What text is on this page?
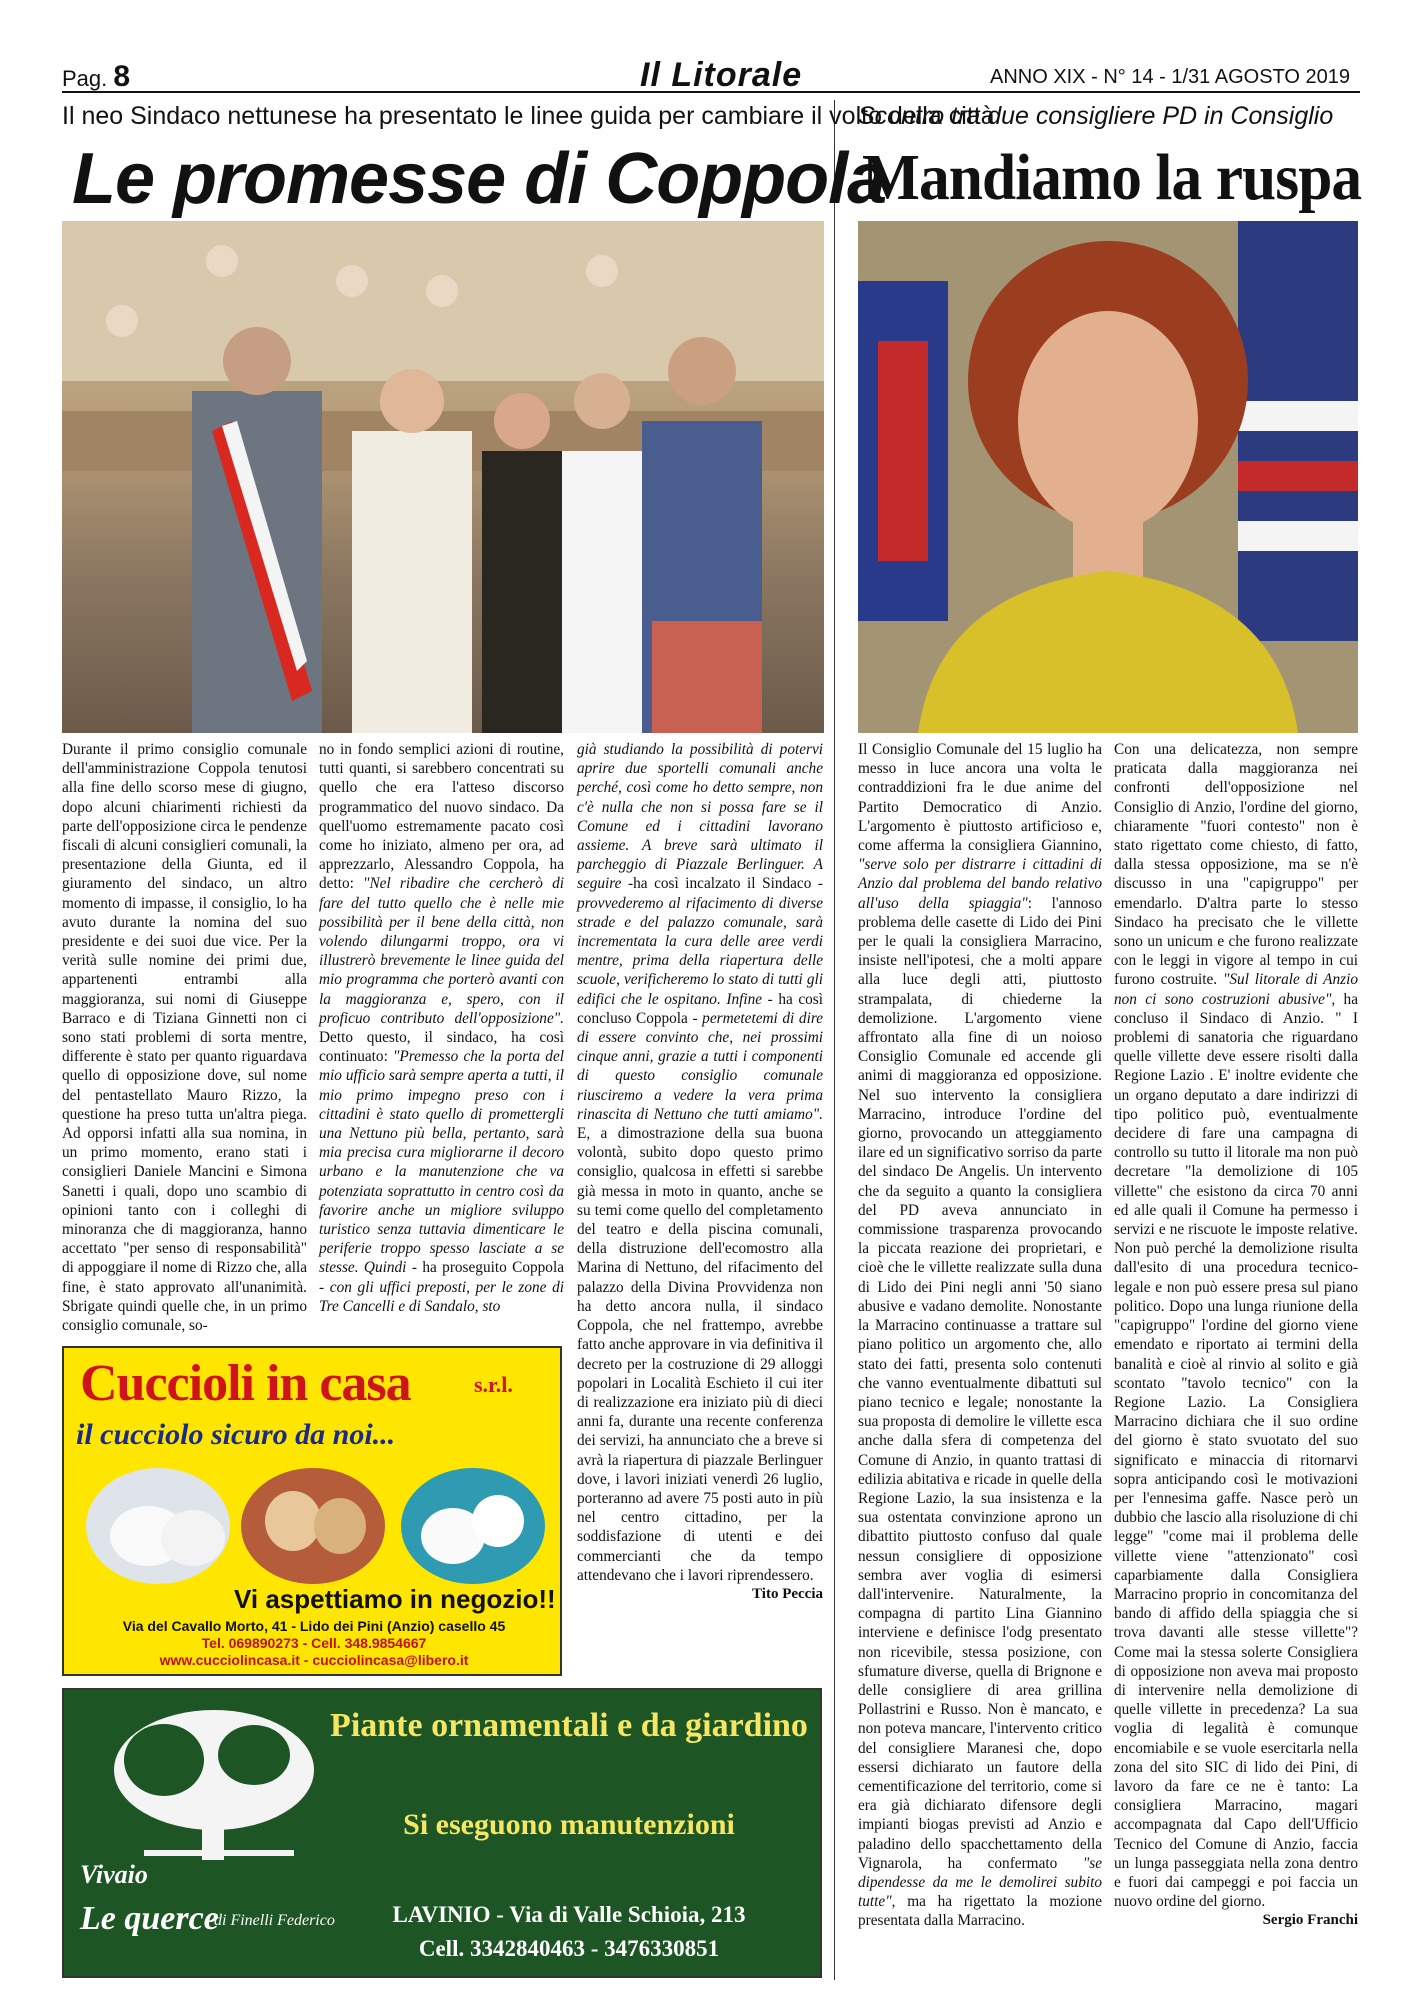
Pag. 8	Il Litorale	ANNO XIX - N° 14 - 1/31 AGOSTO 2019
Il neo Sindaco nettunese ha presentato le linee guida per cambiare il volto della città
Scontro tra due consigliere PD in Consiglio
Le promesse di Coppola
Mandiamo la ruspa

Durante il primo consiglio comunale dell'amministrazione Coppola tenutosi alla fine dello scorso mese di giugno, dopo alcuni chiarimenti richiesti da parte dell'opposizione circa le pendenze fiscali di alcuni consiglieri comunali, la presentazione della Giunta, ed il giuramento del sindaco, un altro momento di impasse, il consiglio, lo ha avuto durante la nomina del suo presidente e dei suoi due vice. Per la verità sulle nomine dei primi due, appartenenti entrambi alla maggioranza, sui nomi di Giuseppe Barraco e di Tiziana Ginnetti non ci sono stati problemi di sorta mentre, differente è stato per quanto riguardava quello di opposizione dove, sul nome del pentastellato Mauro Rizzo, la questione ha preso tutta un'altra piega. Ad opporsi infatti alla sua nomina, in un primo momento, erano stati i consiglieri Daniele Mancini e Simona Sanetti i quali, dopo uno scambio di opinioni tanto con i colleghi di minoranza che di maggioranza, hanno accettato "per senso di responsabilità" di appoggiare il nome di Rizzo che, alla fine, è stato approvato all'unanimità. Sbrigate quindi quelle che, in un primo consiglio comunale, so-

no in fondo semplici azioni di routine, tutti quanti, si sarebbero concentrati su quello che era l'atteso discorso programmatico del nuovo sindaco. Da quell'uomo estremamente pacato così come ho iniziato, almeno per ora, ad apprezzarlo, Alessandro Coppola, ha detto: "Nel ribadire che cercherò di fare del tutto quello che è nelle mie possibilità per il bene della città, non volendo dilungarmi troppo, ora vi illustrerò brevemente le linee guida del mio programma che porterò avanti con la maggioranza e, spero, con il proficuo contributo dell'opposizione". Detto questo, il sindaco, ha così continuato: "Premesso che la porta del mio ufficio sarà sempre aperta a tutti, il mio primo impegno preso con i cittadini è stato quello di promettergli una Nettuno più bella, pertanto, sarà mia precisa cura migliorarne il decoro urbano e la manutenzione che va potenziata soprattutto in centro così da favorire anche un migliore sviluppo turistico senza tuttavia dimenticare le periferie troppo spesso lasciate a se stesse. Quindi - ha proseguito Coppola - con gli uffici preposti, per le zone di Tre Cancelli e di Sandalo, sto

già studiando la possibilità di potervi aprire due sportelli comunali anche perché, così come ho detto sempre, non c'è nulla che non si possa fare se il Comune ed i cittadini lavorano assieme. A breve sarà ultimato il parcheggio di Piazzale Berlinguer. A seguire -ha così incalzato il Sindaco - provvederemo al rifacimento di diverse strade e del palazzo comunale, sarà incrementata la cura delle aree verdi mentre, prima della riapertura delle scuole, verificheremo lo stato di tutti gli edifici che le ospitano. Infine - ha così concluso Coppola - permetetemi di dire di essere convinto che, nei prossimi cinque anni, grazie a tutti i componenti di questo consiglio comunale riusciremo a vedere la vera prima rinascita di Nettuno che tutti amiamo". E, a dimostrazione della sua buona volontà, subito dopo questo primo consiglio, qualcosa in effetti si sarebbe già messa in moto in quanto, anche se su temi come quello del completamento del teatro e della piscina comunali, della distruzione dell'ecomostro alla Marina di Nettuno, del rifacimento del palazzo della Divina Provvidenza non ha detto ancora nulla, il sindaco Coppola, che nel frattempo, avrebbe fatto anche approvare in via definitiva il decreto per la costruzione di 29 alloggi popolari in Località Eschieto il cui iter di realizzazione era iniziato più di dieci anni fa, durante una recente conferenza dei servizi, ha annunciato che a breve si avrà la riapertura di piazzale Berlinguer dove, i lavori iniziati venerdì 26 luglio, porteranno ad avere 75 posti auto in più nel centro cittadino, per la soddisfazione di utenti e dei commercianti che da tempo attendevano che i lavori riprendessero.

Tito Peccia

Il Consiglio Comunale del 15 luglio ha messo in luce ancora una volta le contraddizioni fra le due anime del Partito Democratico di Anzio. L'argomento è piuttosto artificioso e, come afferma la consigliera Giannino, "serve solo per distrarre i cittadini di Anzio dal problema del bando relativo all'uso della spiaggia": l'annoso problema delle casette di Lido dei Pini per le quali la consigliera Marracino, insiste nell'ipotesi, che a molti appare alla luce degli atti, piuttosto strampalata, di chiederne la demolizione. L'argomento viene affrontato alla fine di un noioso Consiglio Comunale ed accende gli animi di maggioranza ed opposizione. Nel suo intervento la consigliera Marracino, introduce l'ordine del giorno, provocando un atteggiamento ilare ed un significativo sorriso da parte del sindaco De Angelis. Un intervento che da seguito a quanto la consigliera del PD aveva annunciato in commissione trasparenza provocando la piccata reazione dei proprietari, e cioè che le villette realizzate sulla duna di Lido dei Pini negli anni '50 siano abusive e vadano demolite. Nonostante la Marracino continuasse a trattare sul piano politico un argomento che, allo stato dei fatti, presenta solo contenuti che vanno eventualmente dibattuti sul piano tecnico e legale; nonostante la sua proposta di demolire le villette esca anche dalla sfera di competenza del Comune di Anzio, in quanto trattasi di edilizia abitativa e ricade in quelle della Regione Lazio, la sua insistenza e la sua ostentata convinzione aprono un dibattito piuttosto confuso dal quale nessun consigliere di opposizione sembra aver voglia di esimersi dall'intervenire. Naturalmente, la compagna di partito Lina Giannino interviene e definisce l'odg presentato non ricevibile, stessa posizione, con sfumature diverse, quella di Brignone e delle consigliere di area grillina Pollastrini e Russo. Non è mancato, e non poteva mancare, l'intervento critico del consigliere Maranesi che, dopo essersi dichiarato un fautore della cementificazione del territorio, come si era già dichiarato difensore degli impianti biogas previsti ad Anzio e paladino dello spacchettamento della Vignarola, ha confermato "se dipendesse da me le demolirei subito tutte", ma ha rigettato la mozione presentata dalla Marracino.

Con una delicatezza, non sempre praticata dalla maggioranza nei confronti dell'opposizione nel Consiglio di Anzio, l'ordine del giorno, chiaramente "fuori contesto" non è stato rigettato come chiesto, di fatto, dalla stessa opposizione, ma se n'è discusso in una "capigruppo" per emendarlo. D'altra parte lo stesso Sindaco ha precisato che le villette sono un unicum e che furono realizzate con le leggi in vigore al tempo in cui furono costruite. "Sul litorale di Anzio non ci sono costruzioni abusive", ha concluso il Sindaco di Anzio. " I problemi di sanatoria che riguardano quelle villette deve essere risolti dalla Regione Lazio . E' inoltre evidente che un organo deputato a dare indirizzi di tipo politico può, eventualmente decidere di fare una campagna di controllo su tutto il litorale ma non può decretare "la demolizione di 105 villette" che esistono da circa 70 anni ed alle quali il Comune ha permesso i servizi e ne riscuote le imposte relative. Non può perché la demolizione risulta dall'esito di una procedura tecnico-legale e non può essere presa sul piano politico. Dopo una lunga riunione della "capigruppo" l'ordine del giorno viene emendato e riportato ai termini della banalità e cioè al rinvio al solito e già scontato "tavolo tecnico" con la Regione Lazio. La Consigliera Marracino dichiara che il suo ordine del giorno è stato svuotato del suo significato e minaccia di ritornarvi sopra anticipando così le motivazioni per l'ennesima gaffe. Nasce però un dubbio che lascio alla risoluzione di chi legge" "come mai il problema delle villette viene "attenzionato" così caparbiamente dalla Consigliera Marracino proprio in concomitanza del bando di affido della spiaggia che si trova davanti alle stesse villette"? Come mai la stessa solerte Consigliera di opposizione non aveva mai proposto di intervenire nella demolizione di quelle villette in precedenza? La sua voglia di legalità è comunque encomiabile e se vuole esercitarla nella zona del sito SIC di lido dei Pini, di lavoro da fare ce ne è tanto: La consigliera Marracino, magari accompagnata dal Capo dell'Ufficio Tecnico del Comune di Anzio, faccia un lunga passeggiata nella zona dentro e fuori dai campeggi e poi faccia un nuovo ordine del giorno.

Sergio Franchi
Cuccioli in casa	s.r.l.
il cucciolo sicuro da noi...
Vi aspettiamo in negozio!!
Via del Cavallo Morto, 41 - Lido dei Pini (Anzio) casello 45
Tel. 069890273 - Cell. 348.9854667
www.cucciolincasa.it - cucciolincasa@libero.it
Vivaio
Le querce
di Finelli Federico
Piante ornamentali e da giardino
Si eseguono manutenzioni
LAVINIO - Via di Valle Schioia, 213
Cell. 3342840463 - 3476330851
